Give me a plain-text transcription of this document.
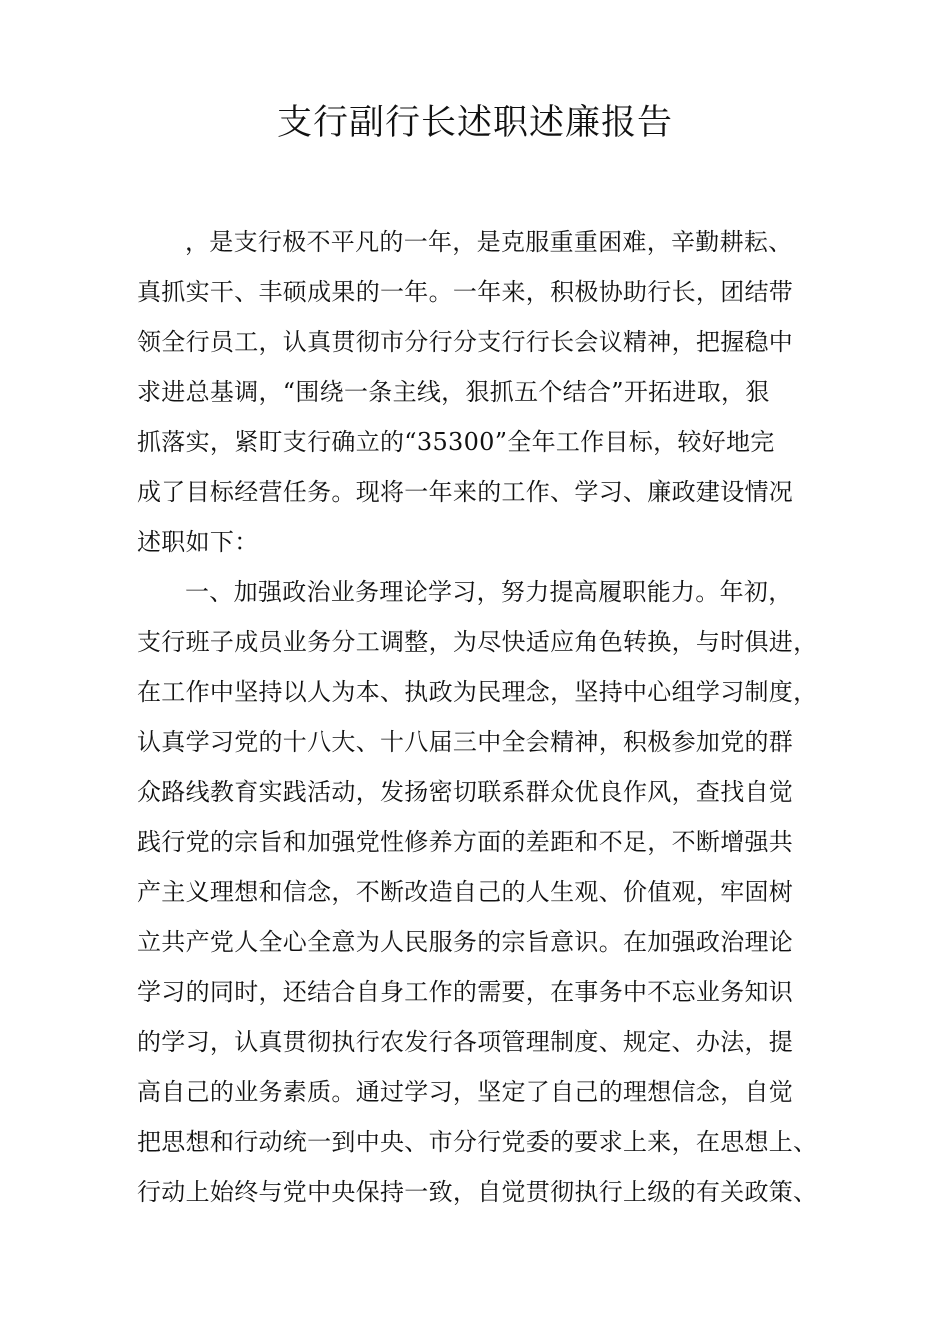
支行副行长述职述廉报告
，是支行极不平凡的一年，是克服重重困难，辛勤耕耘、
真抓实干、丰硕成果的一年。一年来，积极协助行长，团结带
领全行员工，认真贯彻市分行分支行行长会议精神，把握稳中
求进总基调，“围绕一条主线，狠抓五个结合”开拓进取，狠
抓落实，紧盯支行确立的“35300”全年工作目标，较好地完
成了目标经营任务。现将一年来的工作、学习、廉政建设情况
述职如下：
一、加强政治业务理论学习，努力提高履职能力。年初，
支行班子成员业务分工调整，为尽快适应角色转换，与时俱进，
在工作中坚持以人为本、执政为民理念，坚持中心组学习制度，
认真学习党的十八大、十八届三中全会精神，积极参加党的群
众路线教育实践活动，发扬密切联系群众优良作风，查找自觉
践行党的宗旨和加强党性修养方面的差距和不足，不断增强共
产主义理想和信念，不断改造自己的人生观、价值观，牢固树
立共产党人全心全意为人民服务的宗旨意识。在加强政治理论
学习的同时，还结合自身工作的需要，在事务中不忘业务知识
的学习，认真贯彻执行农发行各项管理制度、规定、办法，提
高自己的业务素质。通过学习，坚定了自己的理想信念，自觉
把思想和行动统一到中央、市分行党委的要求上来，在思想上、
行动上始终与党中央保持一致，自觉贯彻执行上级的有关政策、
